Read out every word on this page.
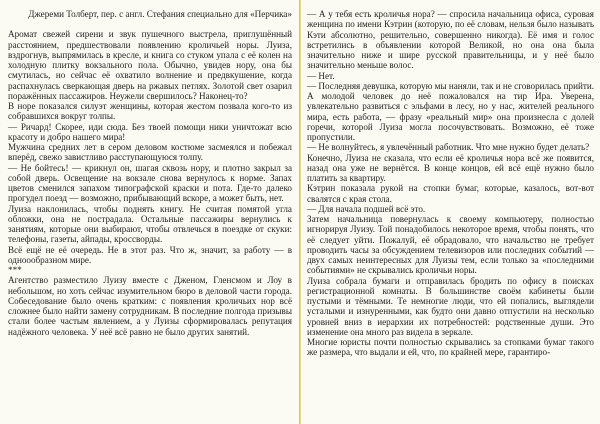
Джереми Толберт, пер. с англ. Стефания специально для «Перчика»

Аромат свежей сирени и звук пушечного выстрела, приглушённый расстоянием, предшествовали появлению кроличьей норы. Луиза, вздрогнув, выпрямилась в кресле, и книга со стуком упала с её колен на холодную плитку вокзального пола. Обычно, увидев нору, она бы смутилась, но сейчас её охватило волнение и предвкушение, когда распахнулась сверкающая дверь на ржавых петлях. Золотой свет озарил поражённых пассажиров. Неужели свершилось? Наконец-то?

В норе показался силуэт женщины, которая жестом позвала кого-то из собравшихся вокруг толпы.

— Ричард! Скорее, иди сюда. Без твоей помощи ники уничтожат всю красоту и добро нашего мира!

Мужчина средних лет в сером деловом костюме засмеялся и побежал вперёд, свежо завистливо расступающуюся толпу.

— Не бойтесь! — крикнул он, шагая сквозь нору, и плотно закрыл за собой дверь. Освещение на вокзале снова вернулось к норме. Запах цветов сменился запахом типографской краски и пота. Где-то далеко прогудел поезд — возможно, прибывающий вскоре, а может быть, нет.

Луиза наклонилась, чтобы поднять книгу. Не считая помятой угла обложки, она не пострадала. Остальные пассажиры вернулись к занятиям, которые они выбирают, чтобы отвлечься в поездке от скуки: телефоны, газеты, айпады, кроссворды.

Всё ещё не её очередь. Не в этот раз. Что ж, значит, за работу — в одноообразном мире.

***

Агентство разместило Луизу вместе с Дженом, Гленсмом и Лоу в небольшом, но хоть сейчас изумительном бюро в деловой части города. Собеседование было очень кратким: с появления кроличьих нор всё сложнее было найти замену сотрудникам. В последние полгода призывы стали более частым явлением, а у Луизы сформировалась репутация надёжного человека. У неё всё равно не было других занятий.

— А у тебя есть кроличья нора? — спросила начальница офиса, суровая женщина по имени Кэтрин (которую, по её словам, нельзя было называть Кэти абсолютно, решительно, совершенно никогда). Её имя и голос встретились в объявлении которой Великой, но она она была значительно ниже и шире русской правительницы, и у неё было значительно меньше волос.

— Нет.

— Последняя девушка, которую мы наняли, так и не сговорилась прийти. А молодой человек до неё пожаловался на тир Ира. Уверена, увлекательно развиться с эльфами в лесу, но у нас, жителей реального мира, есть работа, — фразу «реальный мир» она произнесла с долей горечи, которой Луиза могла посочувствовать. Возможно, её тоже пропустили.

— Не волнуйтесь, я увлечённый работник. Что мне нужно будет делать?

Конечно, Луиза не сказала, что если её кроличья нора всё же появится, назад она уже не вернётся. В конце концов, ей всё ещё нужно было платить за квартиру.

Кэтрин показала рукой на стопки бумаг, которые, казалось, вот-вот свалятся с края стола.

— Для начала подшей всё это.

Затем начальница повернулась к своему компьютеру, полностью игнорируя Луизу. Той понадобилось некоторое время, чтобы понять, что её следует уйти. Пожалуй, её обрадовало, что начальство не требует проводить часы за обсуждением телевизоров или последних событий — двух самых неинтересных для Луизы тем, если только за «последними событиями» не скрывались кроличьи норы.

Луиза собрала бумаги и отправилась бродить по офису в поисках регистрационной комнаты. В большинстве своём кабинеты были пустыми и тёмными. Те немногие люди, что ей попались, выглядели усталыми и изнуренными, как будто они давно отпустили на несколько уровней вниз в иерархии их потребностей: родственные души. Это изменение она много раз видела в зеркале.

Многие юристы почти полностью скрывались за стопками бумаг такого же размера, что выдали и ей, что, по крайней мере, гарантиро-
